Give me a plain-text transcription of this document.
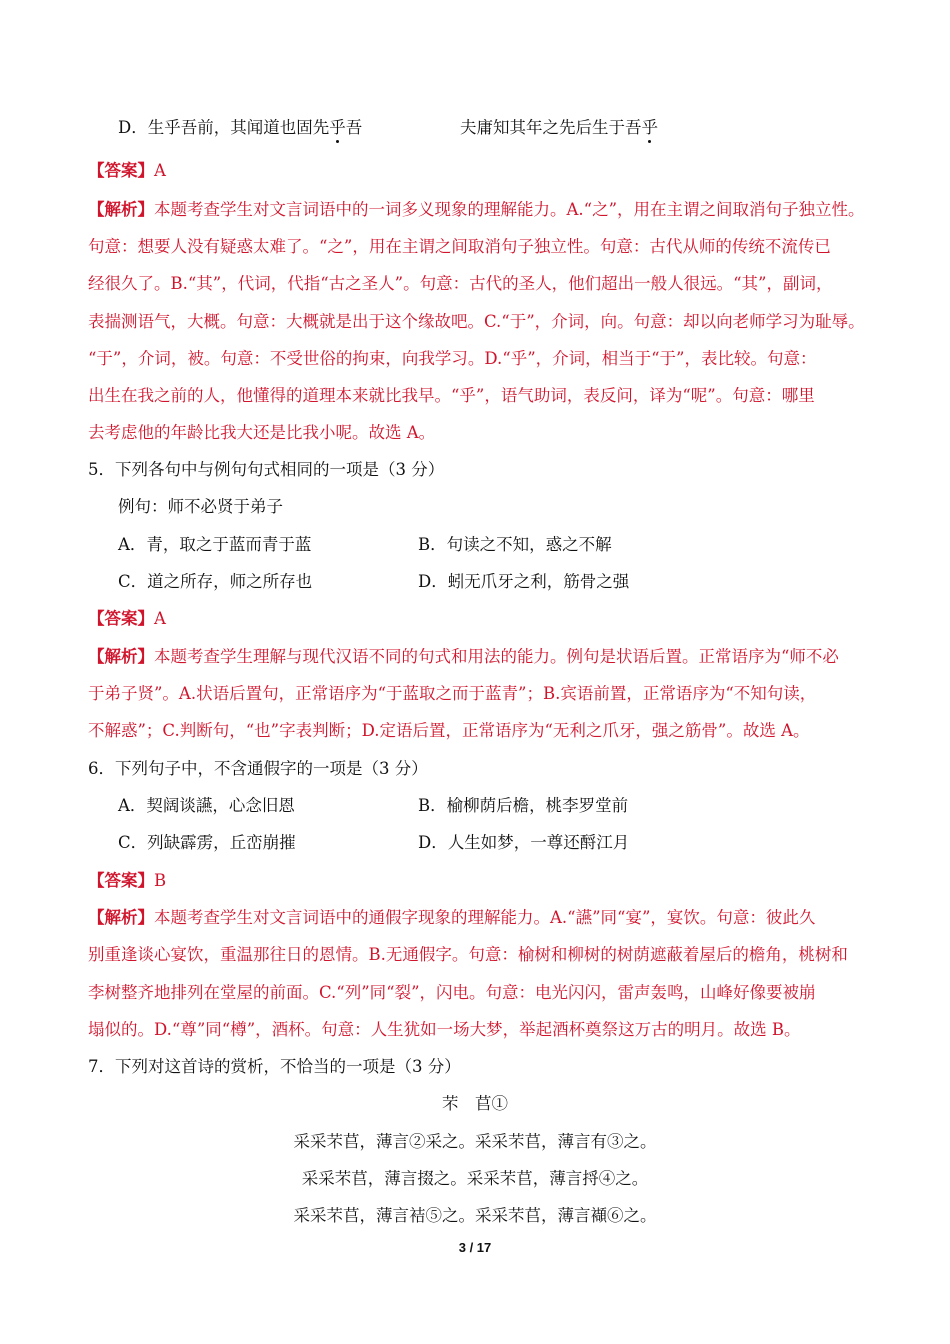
D．生乎吾前，其闻道也固先乎吾	夫庸知其年之先后生于吾乎
【答案】A
【解析】本题考查学生对文言词语中的一词多义现象的理解能力。A.“之”，用在主谓之间取消句子独立性。
句意：想要人没有疑惑太难了。“之”，用在主谓之间取消句子独立性。句意：古代从师的传统不流传已
经很久了。B.“其”，代词，代指“古之圣人”。句意：古代的圣人，他们超出一般人很远。“其”，副词，
表揣测语气，大概。句意：大概就是出于这个缘故吧。C.“于”，介词，向。句意：却以向老师学习为耻辱。
“于”，介词，被。句意：不受世俗的拘束，向我学习。D.“乎”，介词，相当于“于”，表比较。句意：
出生在我之前的人，他懂得的道理本来就比我早。“乎”，语气助词，表反问，译为“呢”。句意：哪里
去考虑他的年龄比我大还是比我小呢。故选 A。
5．下列各句中与例句句式相同的一项是（3 分）
例句：师不必贤于弟子
A．青，取之于蓝而青于蓝	B．句读之不知，惑之不解
C．道之所存，师之所存也	D．蚓无爪牙之利，筋骨之强
【答案】A
【解析】本题考查学生理解与现代汉语不同的句式和用法的能力。例句是状语后置。正常语序为“师不必
于弟子贤”。A.状语后置句，正常语序为“于蓝取之而于蓝青”；B.宾语前置，正常语序为“不知句读，
不解惑”；C.判断句，“也”字表判断；D.定语后置，正常语序为“无利之爪牙，强之筋骨”。故选 A。
6．下列句子中，不含通假字的一项是（3 分）
A．契阔谈讌，心念旧恩	B．榆柳荫后檐，桃李罗堂前
C．列缺霹雳，丘峦崩摧	D．人生如梦，一尊还酹江月
【答案】B
【解析】本题考查学生对文言词语中的通假字现象的理解能力。A.“讌”同“宴”，宴饮。句意：彼此久
别重逢谈心宴饮，重温那往日的恩情。B.无通假字。句意：榆树和柳树的树荫遮蔽着屋后的檐角，桃树和
李树整齐地排列在堂屋的前面。C.“列”同“裂”，闪电。句意：电光闪闪，雷声轰鸣，山峰好像要被崩
塌似的。D.“尊”同“樽”，酒杯。句意：人生犹如一场大梦，举起酒杯奠祭这万古的明月。故选 B。
7．下列对这首诗的赏析，不恰当的一项是（3 分）
芣　苢①
采采芣苢，薄言②采之。采采芣苢，薄言有③之。
采采芣苢，薄言掇之。采采芣苢，薄言捋④之。
采采芣苢，薄言袺⑤之。采采芣苢，薄言襭⑥之。
3 / 17
